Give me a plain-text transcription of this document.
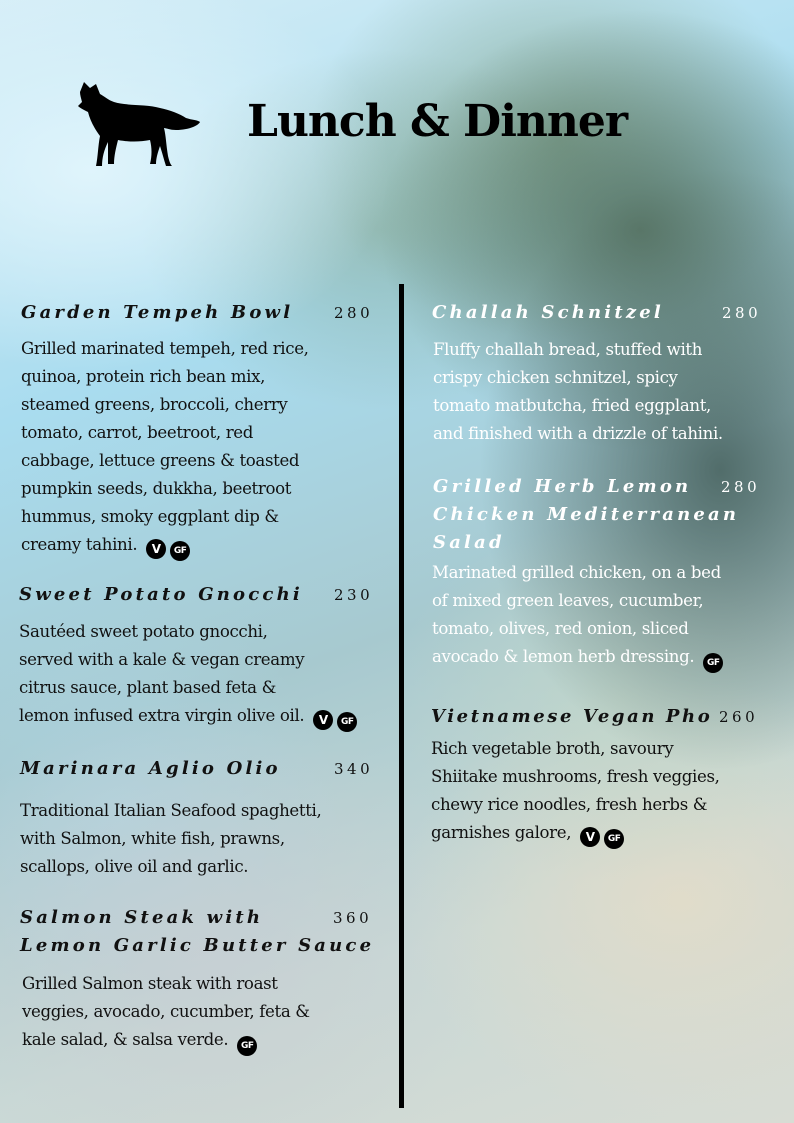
Lunch & Dinner
Garden Tempeh Bowl	280
Grilled marinated tempeh, red rice,
quinoa, protein rich bean mix,
steamed greens, broccoli, cherry
tomato, carrot, beetroot, red
cabbage, lettuce greens & toasted
pumpkin seeds, dukkha, beetroot
hummus, smoky eggplant dip &
creamy tahini. V GF
Sweet Potato Gnocchi	230
Sautéed sweet potato gnocchi,
served with a kale & vegan creamy
citrus sauce, plant based feta &
lemon infused extra virgin olive oil. V GF
Marinara Aglio Olio	340
Traditional Italian Seafood spaghetti,
with Salmon, white fish, prawns,
scallops, olive oil and garlic.
Salmon Steak with
Lemon Garlic Butter Sauce
360
Grilled Salmon steak with roast
veggies, avocado, cucumber, feta &
kale salad, & salsa verde. GF
Challah Schnitzel	280
Fluffy challah bread, stuffed with
crispy chicken schnitzel, spicy
tomato matbutcha, fried eggplant,
and finished with a drizzle of tahini.
Grilled Herb Lemon
Chicken Mediterranean
Salad
280
Marinated grilled chicken, on a bed
of mixed green leaves, cucumber,
tomato, olives, red onion, sliced
avocado & lemon herb dressing. GF
Vietnamese Vegan Pho 260
Rich vegetable broth, savoury
Shiitake mushrooms, fresh veggies,
chewy rice noodles, fresh herbs &
garnishes galore, V GF
